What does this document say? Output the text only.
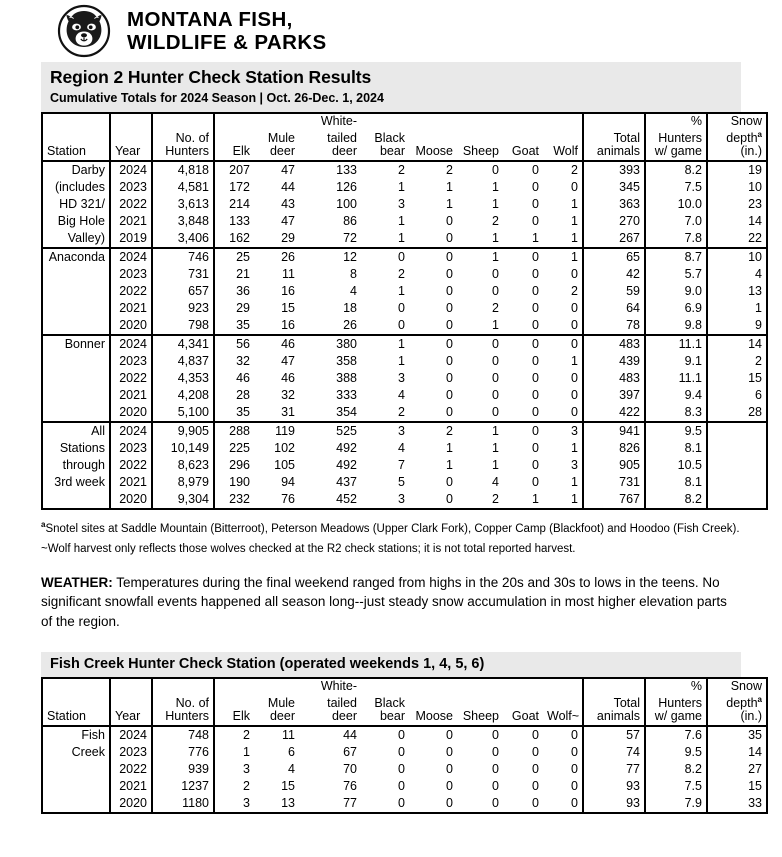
MONTANA FISH,
WILDLIFE & PARKS
Region 2 Hunter Check Station Results
Cumulative Totals for 2024 Season | Oct. 26-Dec. 1, 2024
					White-							%	Snow
		No. of		Mule	tailed	Black					Total	Hunters	depth$^a$
Station	Year	Hunters	Elk	deer	deer	bear	Moose	Sheep	Goat	Wolf	animals	w/ game	(in.)
Darby	2024	4,818	207	47	133	2	2	0	0	2	393	8.2	19
(includes	2023	4,581	172	44	126	1	1	1	0	0	345	7.5	10
HD 321/	2022	3,613	214	43	100	3	1	1	0	1	363	10.0	23
Big Hole	2021	3,848	133	47	86	1	0	2	0	1	270	7.0	14
Valley)	2019	3,406	162	29	72	1	0	1	1	1	267	7.8	22
Anaconda	2024	746	25	26	12	0	0	1	0	1	65	8.7	10
	2023	731	21	11	8	2	0	0	0	0	42	5.7	4
	2022	657	36	16	4	1	0	0	0	2	59	9.0	13
	2021	923	29	15	18	0	0	2	0	0	64	6.9	1
	2020	798	35	16	26	0	0	1	0	0	78	9.8	9
Bonner	2024	4,341	56	46	380	1	0	0	0	0	483	11.1	14
	2023	4,837	32	47	358	1	0	0	0	1	439	9.1	2
	2022	4,353	46	46	388	3	0	0	0	0	483	11.1	15
	2021	4,208	28	32	333	4	0	0	0	0	397	9.4	6
	2020	5,100	35	31	354	2	0	0	0	0	422	8.3	28
All	2024	9,905	288	119	525	3	2	1	0	3	941	9.5	
Stations	2023	10,149	225	102	492	4	1	1	0	1	826	8.1	
through	2022	8,623	296	105	492	7	1	1	0	3	905	10.5	
3rd week	2021	8,979	190	94	437	5	0	4	0	1	731	8.1	
	2020	9,304	232	76	452	3	0	2	1	1	767	8.2	
$^a$Snotel sites at Saddle Mountain (Bitterroot), Peterson Meadows (Upper Clark Fork), Copper Camp (Blackfoot) and Hoodoo (Fish Creek).
~Wolf harvest only reflects those wolves checked at the R2 check stations; it is not total reported harvest.
WEATHER: Temperatures during the final weekend ranged from highs in the 20s and 30s to lows in the teens. No significant snowfall events happened all season long--just steady snow accumulation in most higher elevation parts of the region.
Fish Creek Hunter Check Station (operated weekends 1, 4, 5, 6)
					White-							%	Snow
		No. of		Mule	tailed	Black					Total	Hunters	depth$^a$
Station	Year	Hunters	Elk	deer	deer	bear	Moose	Sheep	Goat	Wolf~	animals	w/ game	(in.)
Fish	2024	748	2	11	44	0	0	0	0	0	57	7.6	35
Creek	2023	776	1	6	67	0	0	0	0	0	74	9.5	14
	2022	939	3	4	70	0	0	0	0	0	77	8.2	27
	2021	1237	2	15	76	0	0	0	0	0	93	7.5	15
	2020	1180	3	13	77	0	0	0	0	0	93	7.9	33
